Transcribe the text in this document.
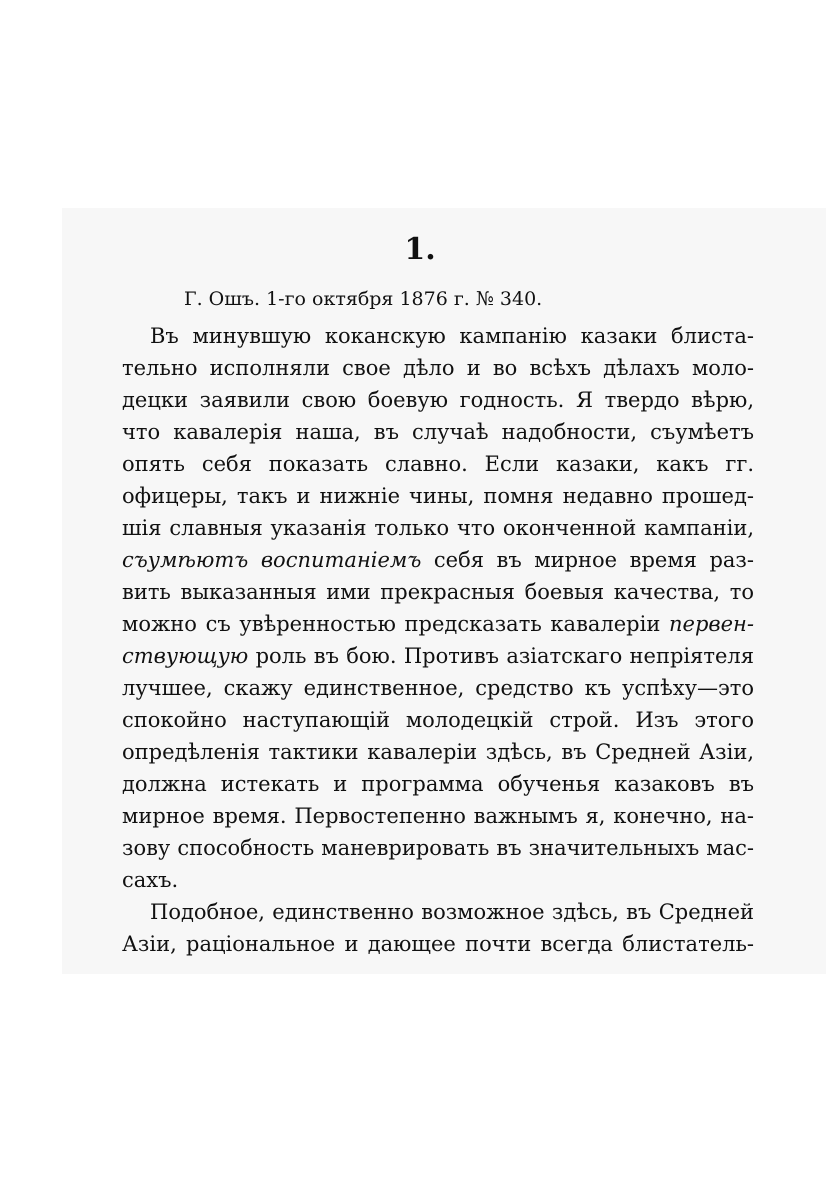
1.
Г. Ошъ. 1-го октября 1876 г. № 340.
Въ минувшую коканскую кампанію казаки блиста-
тельно исполняли свое дѣло и во всѣхъ дѣлахъ моло-
децки заявили свою боевую годность. Я твердо вѣрю,
что кавалерія наша, въ случаѣ надобности, съумѣетъ
опять себя показать славно. Если казаки, какъ гг.
офицеры, такъ и нижніе чины, помня недавно прошед-
шія славныя указанія только что оконченной кампаніи,
съумѣютъ воспитаніемъ себя въ мирное время раз-
вить выказанныя ими прекрасныя боевыя качества, то
можно съ увѣренностью предсказать кавалеріи первен-
ствующую роль въ бою. Противъ азіатскаго непріятеля
лучшее, скажу единственное, средство къ успѣху—это
спокойно наступающій молодецкій строй. Изъ этого
опредѣленія тактики кавалеріи здѣсь, въ Средней Азіи,
должна истекать и программа обученья казаковъ въ
мирное время. Первостепенно важнымъ я, конечно, на-
зову способность маневрировать въ значительныхъ мас-
сахъ.
Подобное, единственно возможное здѣсь, въ Средней
Азіи, раціональное и дающее почти всегда блистатель-
